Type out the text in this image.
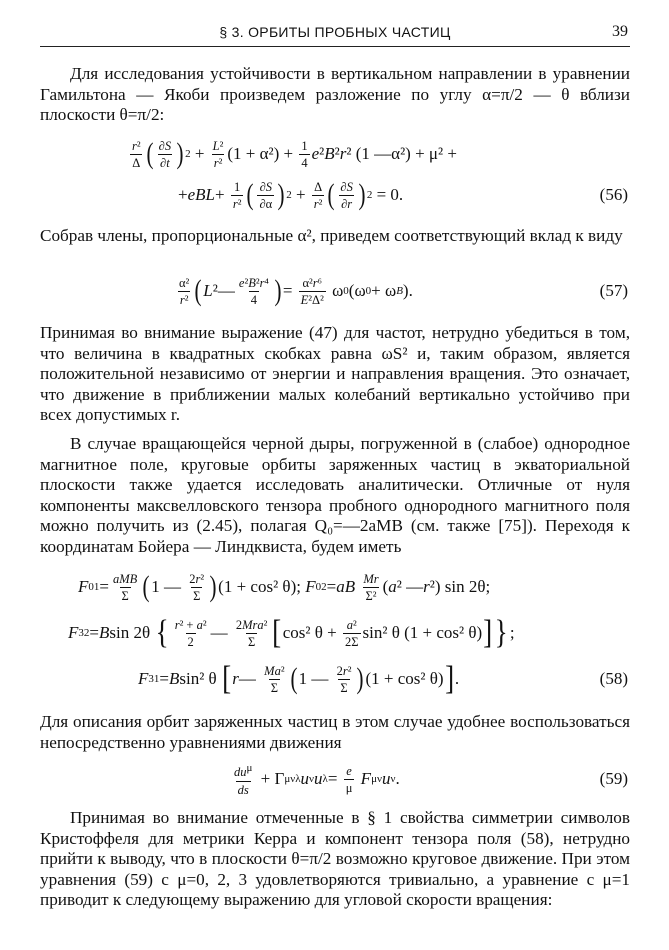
§ 3. ОРБИТЫ ПРОБНЫХ ЧАСТИЦ	39
Для исследования устойчивости в вертикальном направлении в уравнении Гамильтона — Якоби произведем разложение по углу α=π/2 — θ вблизи плоскости θ=π/2:
$\frac{\text{r²}}{\Delta}$ ( $\frac{\partial S}{\partial t}$ ) $2 + \frac{\text{L²}}{\text{r²}} (1 + \alpha^2) + \frac{1}{4}$ e ² B ² r ² (1 —α²) + μ² +
+ eBL + $\frac{1}{\text{r²}}$ ( $\frac{\partial S}{\partial\alpha}$ ) $2 + \frac{\Delta}{\text{r²}}$ ( $\frac{\partial S}{\partial r}$ ) 2 = 0.	(56)
Собрав члены, пропорциональные α², приведем соответствующий вклад к виду
$\frac{\text{α²}}{\text{r²}}$ ( L ²— $\frac{\text{e²B²r⁴}}{4}$ ) = $\frac{\text{α²r⁶}}{\text{E²Δ²}}$ ω 0 (ω 0 + ω B ).	(57)
Принимая во внимание выражение (47) для частот, нетрудно убедиться в том, что величина в квадратных скобках равна ωS² и, таким образом, является положительной независимо от энергии и направления вращения. Это означает, что движение в приближении малых колебаний вертикально устойчиво при всех допустимых r.
В случае вращающейся черной дыры, погруженной в (слабое) однородное магнитное поле, круговые орбиты заряженных частиц в экваториальной плоскости также удается исследовать аналитически. Отличные от нуля компоненты максвелловского тензора пробного однородного магнитного поля можно получить из (2.45), полагая Q₀=—2aMB (см. также [75]). Переходя к координатам Бойера — Линдквиста, будем иметь
F $01 = \frac{\text{aMB}}{\Sigma}$ ( 1 — $\frac{\text{2r²}}{\Sigma}$ ) (1 + cos² θ); F 02 = aB
$\frac{Mr}{\text{Σ²}}$ ( a ² — r ²) sin 2θ;
F 32 = B sin 2θ { $\frac{\text{r² + a²}}{2}$ — $\frac{\text{2Mra²}}{\Sigma}$ [ cos² $\theta + \frac{\text{a²}}{2\Sigma} \sin^2$ θ (1 + cos² θ) ] } ;
F 31 = B sin² θ [ r — $\frac{\text{Ma²}}{\Sigma}$ ( 1 — $\frac{\text{2r²}}{\Sigma}$ ) (1 + cos² θ) ] .	(58)
Для описания орбит заряженных частиц в этом случае удобнее воспользоваться непосредственно уравнениями движения
$\frac{du^\mu}{ds} + \Gamma$ μ νλ u ν u $\lambda = \frac{e}{\mu}$
F μ ν u ν .	(59)
Принимая во внимание отмеченные в § 1 свойства симметрии символов Кристоффеля для метрики Керра и компонент тензора поля (58), нетрудно прийти к выводу, что в плоскости θ=π/2 возможно круговое движение. При этом уравнения (59) с μ=0, 2, 3 удовлетворяются тривиально, а уравнение с μ=1 приводит к следующему выражению для угловой скорости вращения:
